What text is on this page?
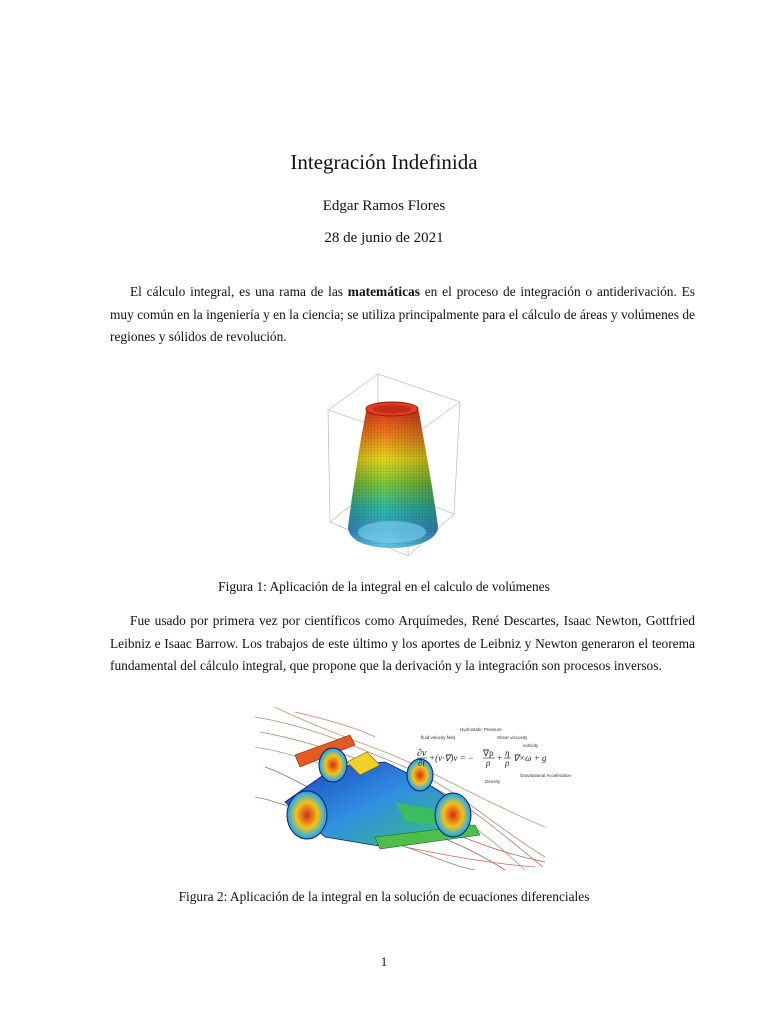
Integración Indefinida
Edgar Ramos Flores
28 de junio de 2021
El cálculo integral, es una rama de las matemáticas en el proceso de integración o antiderivación. Es muy común en la ingeniería y en la ciencia; se utiliza principalmente para el cálculo de áreas y volúmenes de regiones y sólidos de revolución.
Figura 1: Aplicación de la integral en el calculo de volúmenes
Fue usado por primera vez por científicos como Arquímedes, René Descartes, Isaac Newton, Gottfried Leibniz e Isaac Barrow. Los trabajos de este último y los aportes de Leibniz y Newton generaron el teorema fundamental del cálculo integral, que propone que la derivación y la integración son procesos inversos.
∂v
∂t +(v·∇)v = − ∇p
ρ + η
ρ ∇×ω + g
Hydrostatic Pressure
fluid velocity field	Shear viscosity
vorticity
Density
Gravitational Acceleration
Figura 2: Aplicación de la integral en la solución de ecuaciones diferenciales
1
